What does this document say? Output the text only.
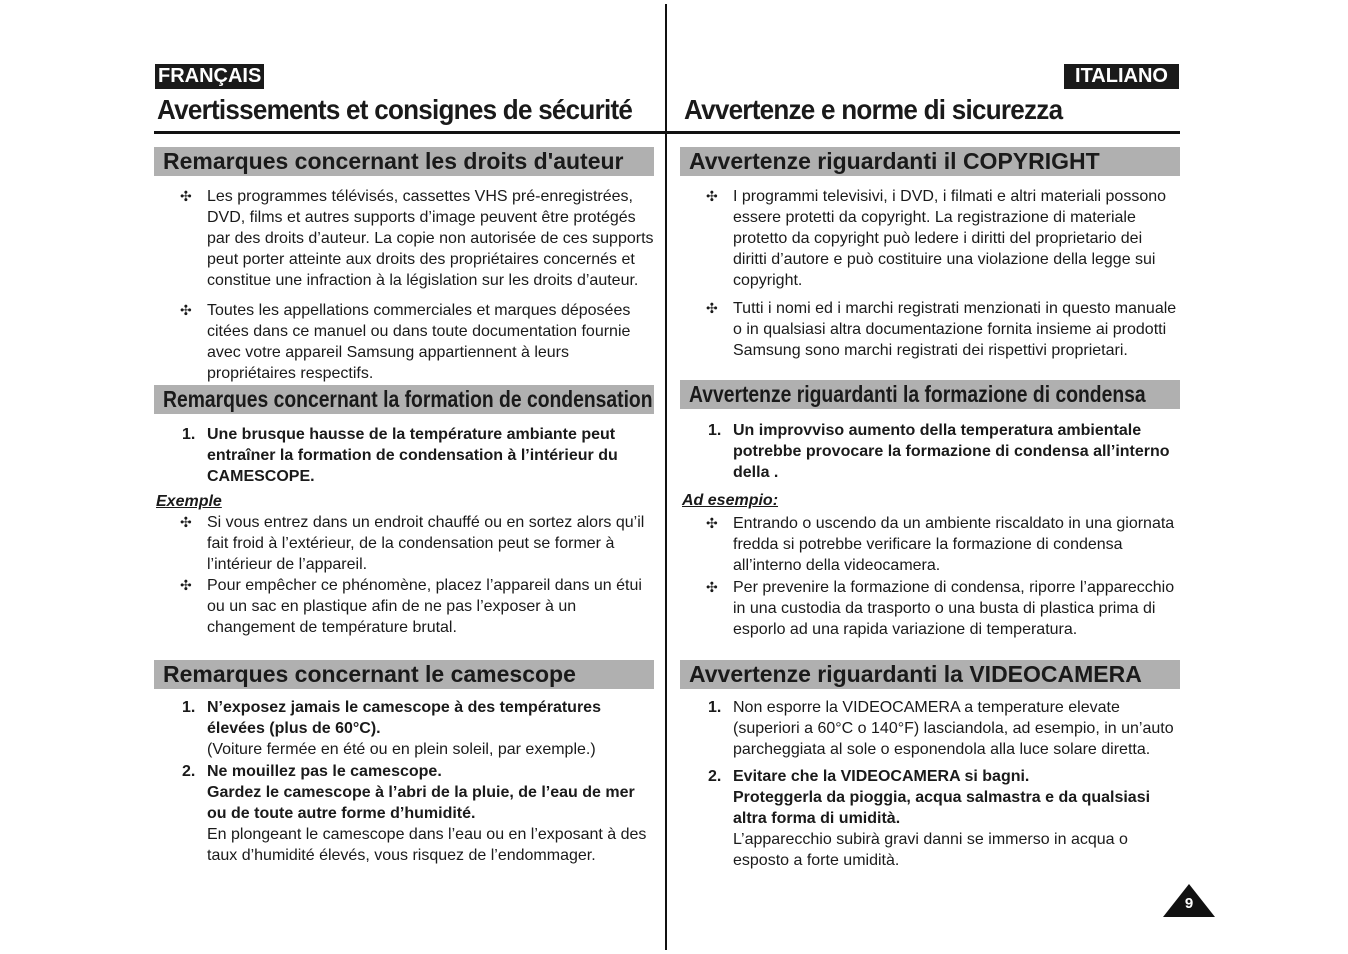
FRANÇAIS
Avertissements et consignes de sécurité
Remarques concernant les droits d'auteur
✣ Les programmes télévisés, cassettes VHS pré-enregistrées, DVD, films et autres supports d’image peuvent être protégés par des droits d’auteur. La copie non autorisée de ces supports peut porter atteinte aux droits des propriétaires concernés et constitue une infraction à la législation sur les droits d’auteur.
✣ Toutes les appellations commerciales et marques déposées citées dans ce manuel ou dans toute documentation fournie avec votre appareil Samsung appartiennent à leurs propriétaires respectifs.
Remarques concernant la formation de condensation
1. Une brusque hausse de la température ambiante peut entraîner la formation de condensation à l’intérieur du CAMESCOPE.
Exemple
✣ Si vous entrez dans un endroit chauffé ou en sortez alors qu’il fait froid à l’extérieur, de la condensation peut se former à l’intérieur de l’appareil.
✣ Pour empêcher ce phénomène, placez l’appareil dans un étui ou un sac en plastique afin de ne pas l’exposer à un changement de température brutal.
Remarques concernant le camescope
1. N’exposez jamais le camescope à des températures élevées (plus de 60°C).
(Voiture fermée en été ou en plein soleil, par exemple.)
2. Ne mouillez pas le camescope.
Gardez le camescope à l’abri de la pluie, de l’eau de mer ou de toute autre forme d’humidité.
En plongeant le camescope dans l’eau ou en l’exposant à des taux d’humidité élevés, vous risquez de l’endommager.
ITALIANO
Avvertenze e norme di sicurezza
Avvertenze riguardanti il COPYRIGHT
✣ I programmi televisivi, i DVD, i filmati e altri materiali possono essere protetti da copyright. La registrazione di materiale protetto da copyright può ledere i diritti del proprietario dei diritti d’autore e può costituire una violazione della legge sui copyright.
✣ Tutti i nomi ed i marchi registrati menzionati in questo manuale o in qualsiasi altra documentazione fornita insieme ai prodotti Samsung sono marchi registrati dei rispettivi proprietari.
Avvertenze riguardanti la formazione di condensa
1. Un improvviso aumento della temperatura ambientale potrebbe provocare la formazione di condensa all’interno della .
Ad esempio:
✣ Entrando o uscendo da un ambiente riscaldato in una giornata fredda si potrebbe verificare la formazione di condensa all’interno della videocamera.
✣ Per prevenire la formazione di condensa, riporre l’apparecchio in una custodia da trasporto o una busta di plastica prima di esporlo ad una rapida variazione di temperatura.
Avvertenze riguardanti la VIDEOCAMERA
1. Non esporre la VIDEOCAMERA a temperature elevate (superiori a 60°C o 140°F) lasciandola, ad esempio, in un’auto parcheggiata al sole o esponendola alla luce solare diretta.
2. Evitare che la VIDEOCAMERA si bagni.
Proteggerla da pioggia, acqua salmastra e da qualsiasi altra forma di umidità.
L’apparecchio subirà gravi danni se immerso in acqua o esposto a forte umidità.
9
